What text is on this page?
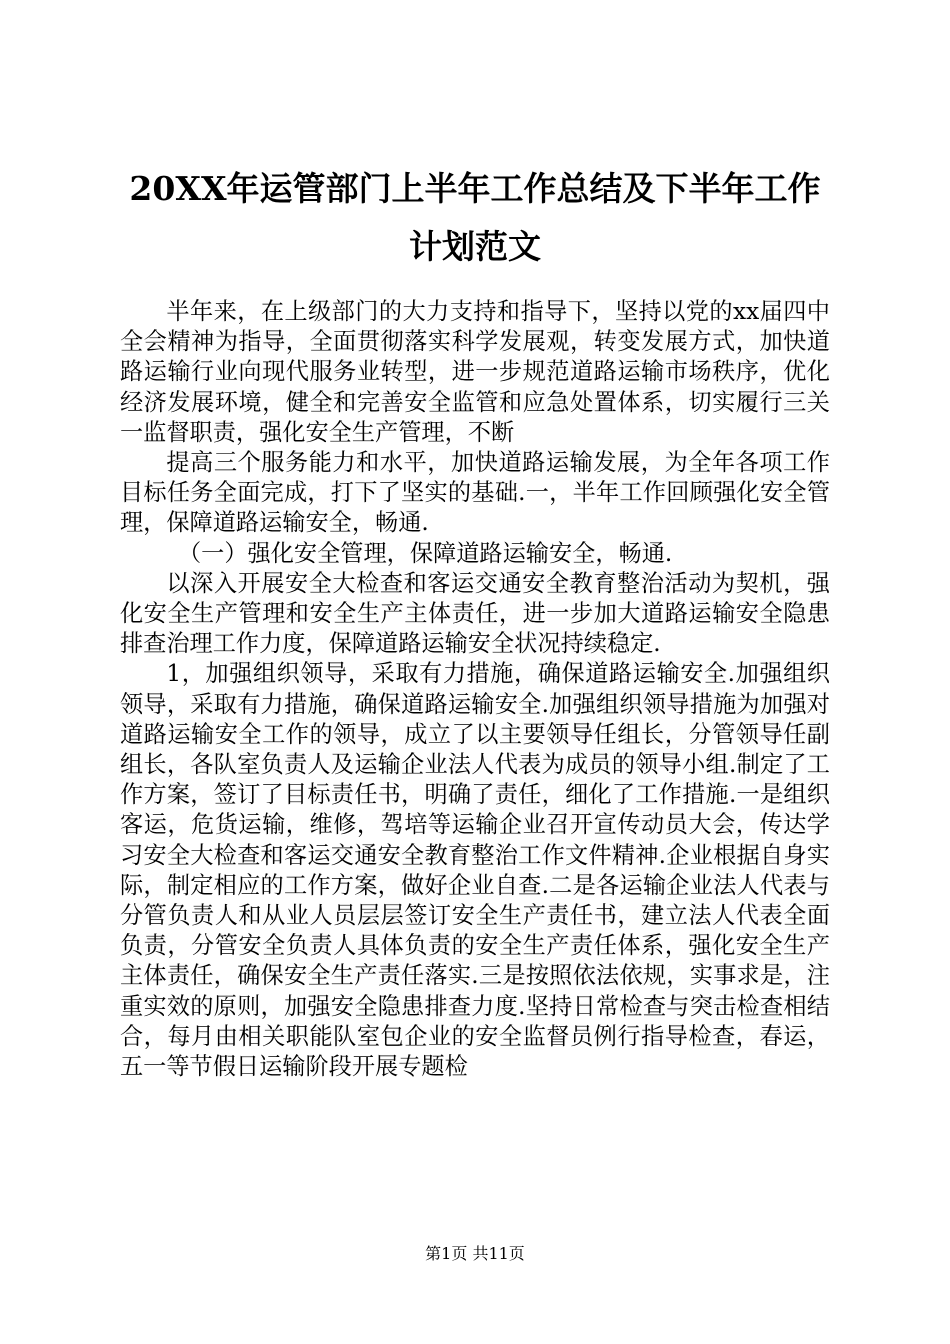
20XX年运管部门上半年工作总结及下半年工作计划范文

半年来，在上级部门的大力支持和指导下，坚持以党的xx届四中全会精神为指导，全面贯彻落实科学发展观，转变发展方式，加快道路运输行业向现代服务业转型，进一步规范道路运输市场秩序，优化经济发展环境，健全和完善安全监管和应急处置体系，切实履行三关一监督职责，强化安全生产管理，不断

提高三个服务能力和水平，加快道路运输发展，为全年各项工作目标任务全面完成，打下了坚实的基础.一，半年工作回顾强化安全管理，保障道路运输安全，畅通.

（一）强化安全管理，保障道路运输安全，畅通.

以深入开展安全大检查和客运交通安全教育整治活动为契机，强化安全生产管理和安全生产主体责任，进一步加大道路运输安全隐患排查治理工作力度，保障道路运输安全状况持续稳定.

1，加强组织领导，采取有力措施，确保道路运输安全.加强组织领导，采取有力措施，确保道路运输安全.加强组织领导措施为加强对道路运输安全工作的领导，成立了以主要领导任组长，分管领导任副组长，各队室负责人及运输企业法人代表为成员的领导小组.制定了工作方案，签订了目标责任书，明确了责任，细化了工作措施.一是组织客运，危货运输，维修，驾培等运输企业召开宣传动员大会，传达学习安全大检查和客运交通安全教育整治工作文件精神.企业根据自身实际，制定相应的工作方案，做好企业自查.二是各运输企业法人代表与分管负责人和从业人员层层签订安全生产责任书，建立法人代表全面负责，分管安全负责人具体负责的安全生产责任体系，强化安全生产主体责任，确保安全生产责任落实.三是按照依法依规，实事求是，注重实效的原则，加强安全隐患排查力度.坚持日常检查与突击检查相结合，每月由相关职能队室包企业的安全监督员例行指导检查，春运，五一等节假日运输阶段开展专题检

第1页 共11页
